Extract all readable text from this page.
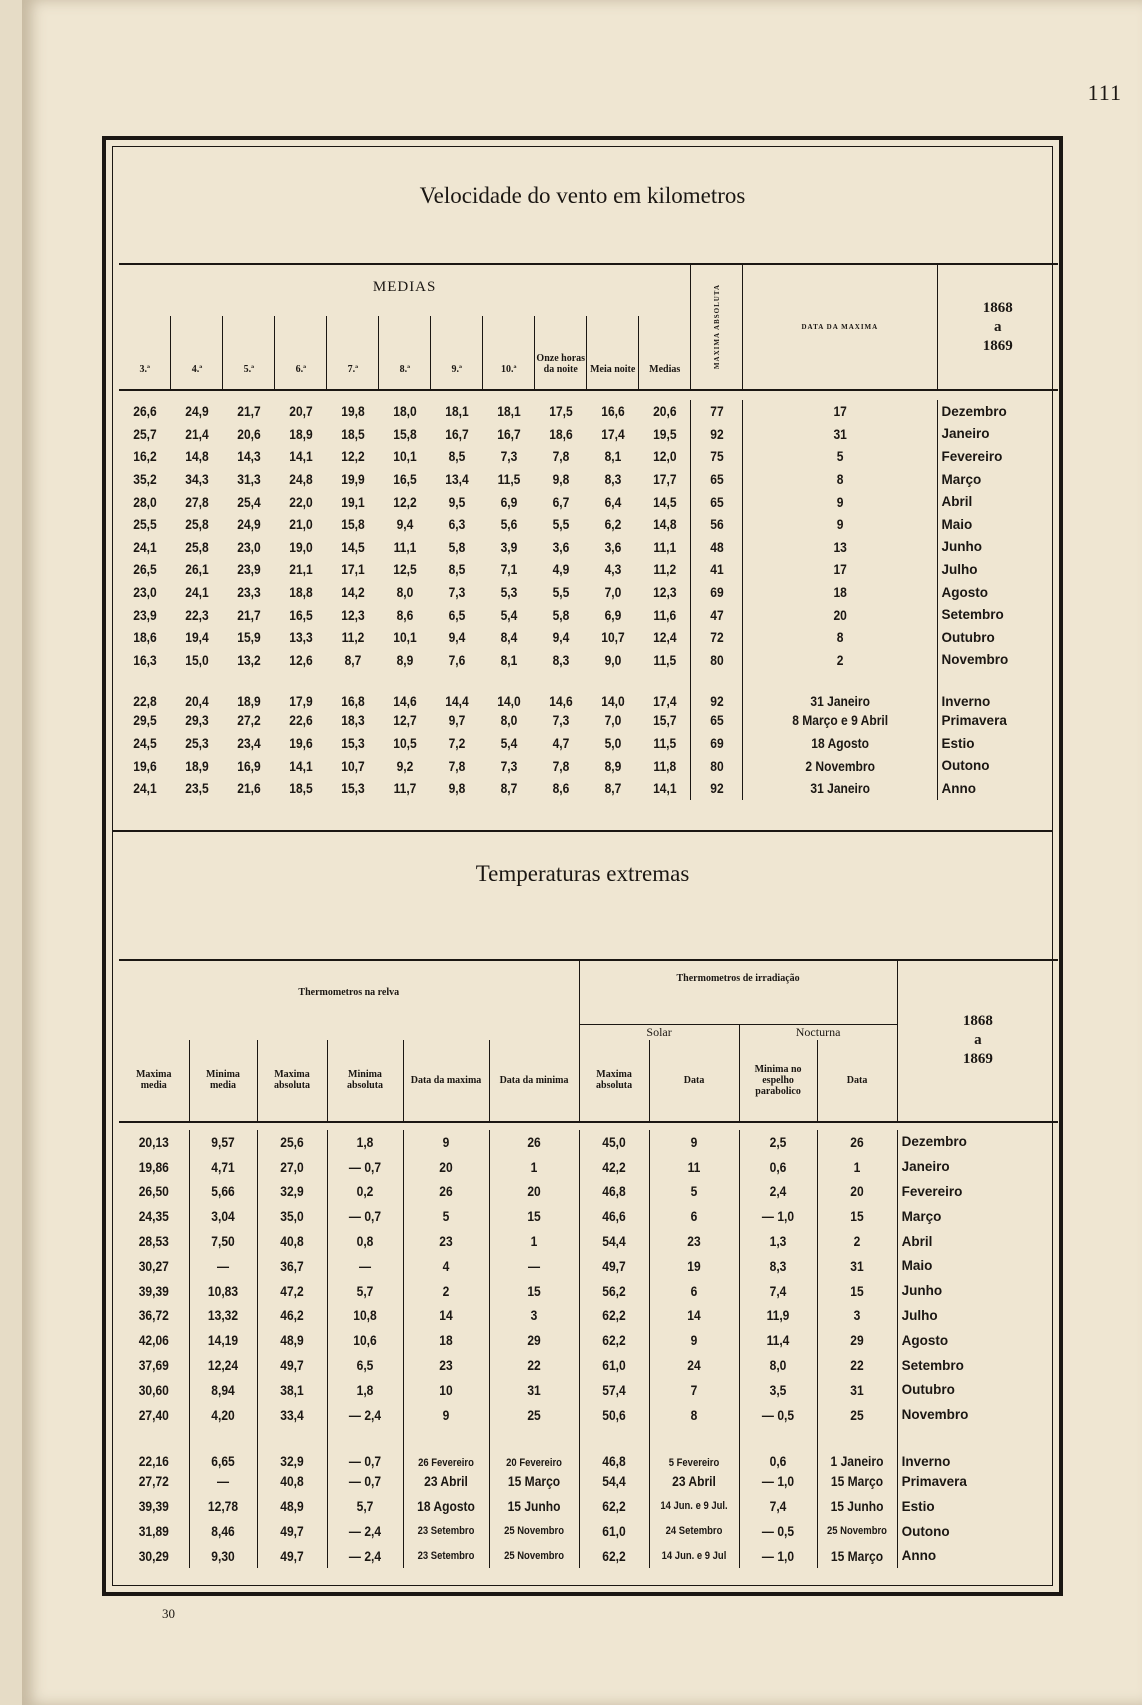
111
Velocidade do vento em kilometros
MEDIAS											MAXIMA ABSOLUTA	DATA DA MAXIMA	1868
a
1869
3.ª	4.ª	5.ª	6.ª	7.ª	8.ª	9.ª	10.ª	Onze horas da noite	Meia noite	Medias			

26,6	24,9	21,7	20,7	19,8	18,0	18,1	18,1	17,5	16,6	20,6	77	17	Dezembro
25,7	21,4	20,6	18,9	18,5	15,8	16,7	16,7	18,6	17,4	19,5	92	31	Janeiro
16,2	14,8	14,3	14,1	12,2	10,1	8,5	7,3	7,8	8,1	12,0	75	5	Fevereiro
35,2	34,3	31,3	24,8	19,9	16,5	13,4	11,5	9,8	8,3	17,7	65	8	Março
28,0	27,8	25,4	22,0	19,1	12,2	9,5	6,9	6,7	6,4	14,5	65	9	Abril
25,5	25,8	24,9	21,0	15,8	9,4	6,3	5,6	5,5	6,2	14,8	56	9	Maio
24,1	25,8	23,0	19,0	14,5	11,1	5,8	3,9	3,6	3,6	11,1	48	13	Junho
26,5	26,1	23,9	21,1	17,1	12,5	8,5	7,1	4,9	4,3	11,2	41	17	Julho
23,0	24,1	23,3	18,8	14,2	8,0	7,3	5,3	5,5	7,0	12,3	69	18	Agosto
23,9	22,3	21,7	16,5	12,3	8,6	6,5	5,4	5,8	6,9	11,6	47	20	Setembro
18,6	19,4	15,9	13,3	11,2	10,1	9,4	8,4	9,4	10,7	12,4	72	8	Outubro
16,3	15,0	13,2	12,6	8,7	8,9	7,6	8,1	8,3	9,0	11,5	80	2	Novembro
22,8	20,4	18,9	17,9	16,8	14,6	14,4	14,0	14,6	14,0	17,4	92	31 Janeiro	Inverno
29,5	29,3	27,2	22,6	18,3	12,7	9,7	8,0	7,3	7,0	15,7	65	8 Março e 9 Abril	Primavera
24,5	25,3	23,4	19,6	15,3	10,5	7,2	5,4	4,7	5,0	11,5	69	18 Agosto	Estio
19,6	18,9	16,9	14,1	10,7	9,2	7,8	7,3	7,8	8,9	11,8	80	2 Novembro	Outono
24,1	23,5	21,6	18,5	15,3	11,7	9,8	8,7	8,6	8,7	14,1	92	31 Janeiro	Anno
Temperaturas extremas
Thermometros na relva						Thermometros de irradiação				1868
a
1869
						Solar		Nocturna		
Maxima media	Minima media	Maxima absoluta	Minima absoluta	Data da maxima	Data da minima	Maxima absoluta	Data	Minima no espelho parabolico	Data	

20,13	9,57	25,6	1,8	9	26	45,0	9	2,5	26	Dezembro
19,86	4,71	27,0	— 0,7	20	1	42,2	11	0,6	1	Janeiro
26,50	5,66	32,9	0,2	26	20	46,8	5	2,4	20	Fevereiro
24,35	3,04	35,0	— 0,7	5	15	46,6	6	— 1,0	15	Março
28,53	7,50	40,8	0,8	23	1	54,4	23	1,3	2	Abril
30,27	—	36,7	—	4	—	49,7	19	8,3	31	Maio
39,39	10,83	47,2	5,7	2	15	56,2	6	7,4	15	Junho
36,72	13,32	46,2	10,8	14	3	62,2	14	11,9	3	Julho
42,06	14,19	48,9	10,6	18	29	62,2	9	11,4	29	Agosto
37,69	12,24	49,7	6,5	23	22	61,0	24	8,0	22	Setembro
30,60	8,94	38,1	1,8	10	31	57,4	7	3,5	31	Outubro
27,40	4,20	33,4	— 2,4	9	25	50,6	8	— 0,5	25	Novembro
22,16	6,65	32,9	— 0,7	26 Fevereiro	20 Fevereiro	46,8	5 Fevereiro	0,6	1 Janeiro	Inverno
27,72	—	40,8	— 0,7	23 Abril	15 Março	54,4	23 Abril	— 1,0	15 Março	Primavera
39,39	12,78	48,9	5,7	18 Agosto	15 Junho	62,2	14 Jun. e 9 Jul.	7,4	15 Junho	Estio
31,89	8,46	49,7	— 2,4	23 Setembro	25 Novembro	61,0	24 Setembro	— 0,5	25 Novembro	Outono
30,29	9,30	49,7	— 2,4	23 Setembro	25 Novembro	62,2	14 Jun. e 9 Jul	— 1,0	15 Março	Anno
30
